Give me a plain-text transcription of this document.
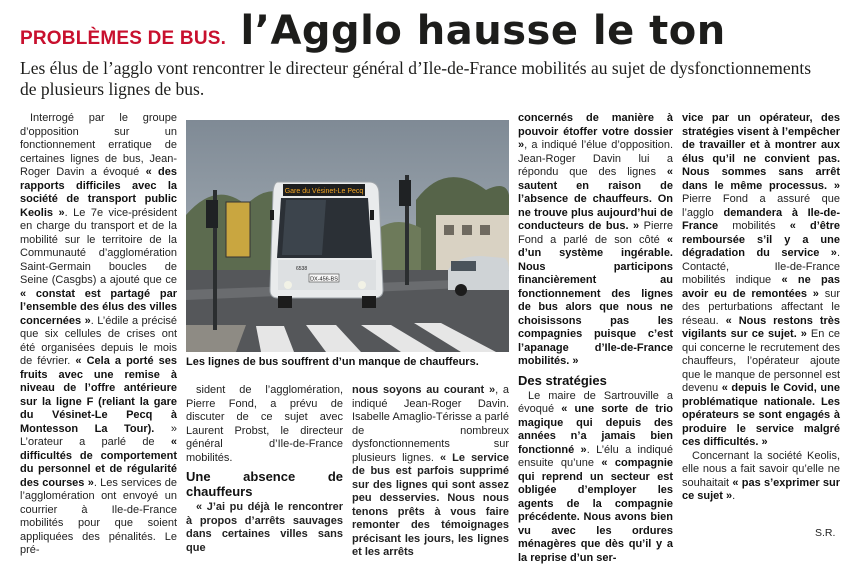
PROBLÈMES DE BUS. l’Agglo hausse le ton
Les élus de l’agglo vont rencontrer le directeur général d’Ile-de-France mobilités au sujet de dysfonctionnements de plusieurs lignes de bus.

Interrogé par le groupe d’opposition sur un fonctionnement erratique de certaines lignes de bus, Jean-Roger Davin a évoqué « des rapports difficiles avec la société de transport public Keolis ». Le 7e vice-président en charge du transport et de la mobilité sur le territoire de la Communauté d’agglomération Saint-Germain boucles de Seine (Casgbs) a ajouté que ce « constat est partagé par l’ensemble des élus des villes concernées ». L’édile a précisé que six cellules de crises ont été organisées depuis le mois de février. « Cela a porté ses fruits avec une remise à niveau de l’offre antérieure sur la ligne F (reliant la gare du Vésinet-Le Pecq à Montesson La Tour). » L’orateur a parlé de « difficultés de comportement du personnel et de régularité des courses ». Les services de l’agglomération ont envoyé un courrier à Ile-de-France mobilités pour que soient appliquées des pénalités. Le pré-

Gare du Vésinet-Le Pecq
DX-456-BS
6538
Les lignes de bus souffrent d’un manque de chauffeurs.

sident de l’agglomération, Pierre Fond, a prévu de discuter de ce sujet avec Laurent Probst, le directeur général d’Ile-de-France mobilités.

Une absence de chauffeurs

« J’ai pu déjà le rencontrer à propos d’arrêts sauvages dans certaines villes sans que

nous soyons au courant », a indiqué Jean-Roger Davin. Isabelle Amaglio-Térisse a parlé de nombreux dysfonctionnements sur plusieurs lignes. « Le service de bus est parfois supprimé sur des lignes qui sont assez peu desservies. Nous nous tenons prêts à vous faire remonter des témoignages précisant les jours, les lignes et les arrêts

concernés de manière à pouvoir étoffer votre dossier », a indiqué l’élue d’opposition. Jean-Roger Davin lui a répondu que des lignes « sautent en raison de l’absence de chauffeurs. On ne trouve plus aujourd’hui de conducteurs de bus. » Pierre Fond a parlé de son côté « d’un système ingérable. Nous participons financièrement au fonctionnement des lignes de bus alors que nous ne choisissons pas les compagnies puisque c’est l’apanage d’Ile-de-France mobilités. »

Des stratégies

Le maire de Sartrouville a évoqué « une sorte de trio magique qui depuis des années n’a jamais bien fonctionné ». L’élu a indiqué ensuite qu’une « compagnie qui reprend un secteur est obligée d’employer les agents de la compagnie précédente. Nous avons bien vu avec les ordures ménagères que dès qu’il y a la reprise d’un ser-

vice par un opérateur, des stratégies visent à l’empêcher de travailler et à montrer aux élus qu’il ne convient pas. Nous sommes sans arrêt dans le même processus. » Pierre Fond a assuré que l’agglo demandera à Ile-de-France mobilités « d’être remboursée s’il y a une dégradation du service ». Contacté, Ile-de-France mobilités indique « ne pas avoir eu de remontées » sur des perturbations affectant le réseau. « Nous restons très vigilants sur ce sujet. » En ce qui concerne le recrutement des chauffeurs, l’opérateur ajoute que le manque de personnel est devenu « depuis le Covid, une problématique nationale. Les opérateurs se sont engagés à produire le service malgré ces difficultés. »

Concernant la société Keolis, elle nous a fait savoir qu’elle ne souhaitait « pas s’exprimer sur ce sujet ».

S.R.
